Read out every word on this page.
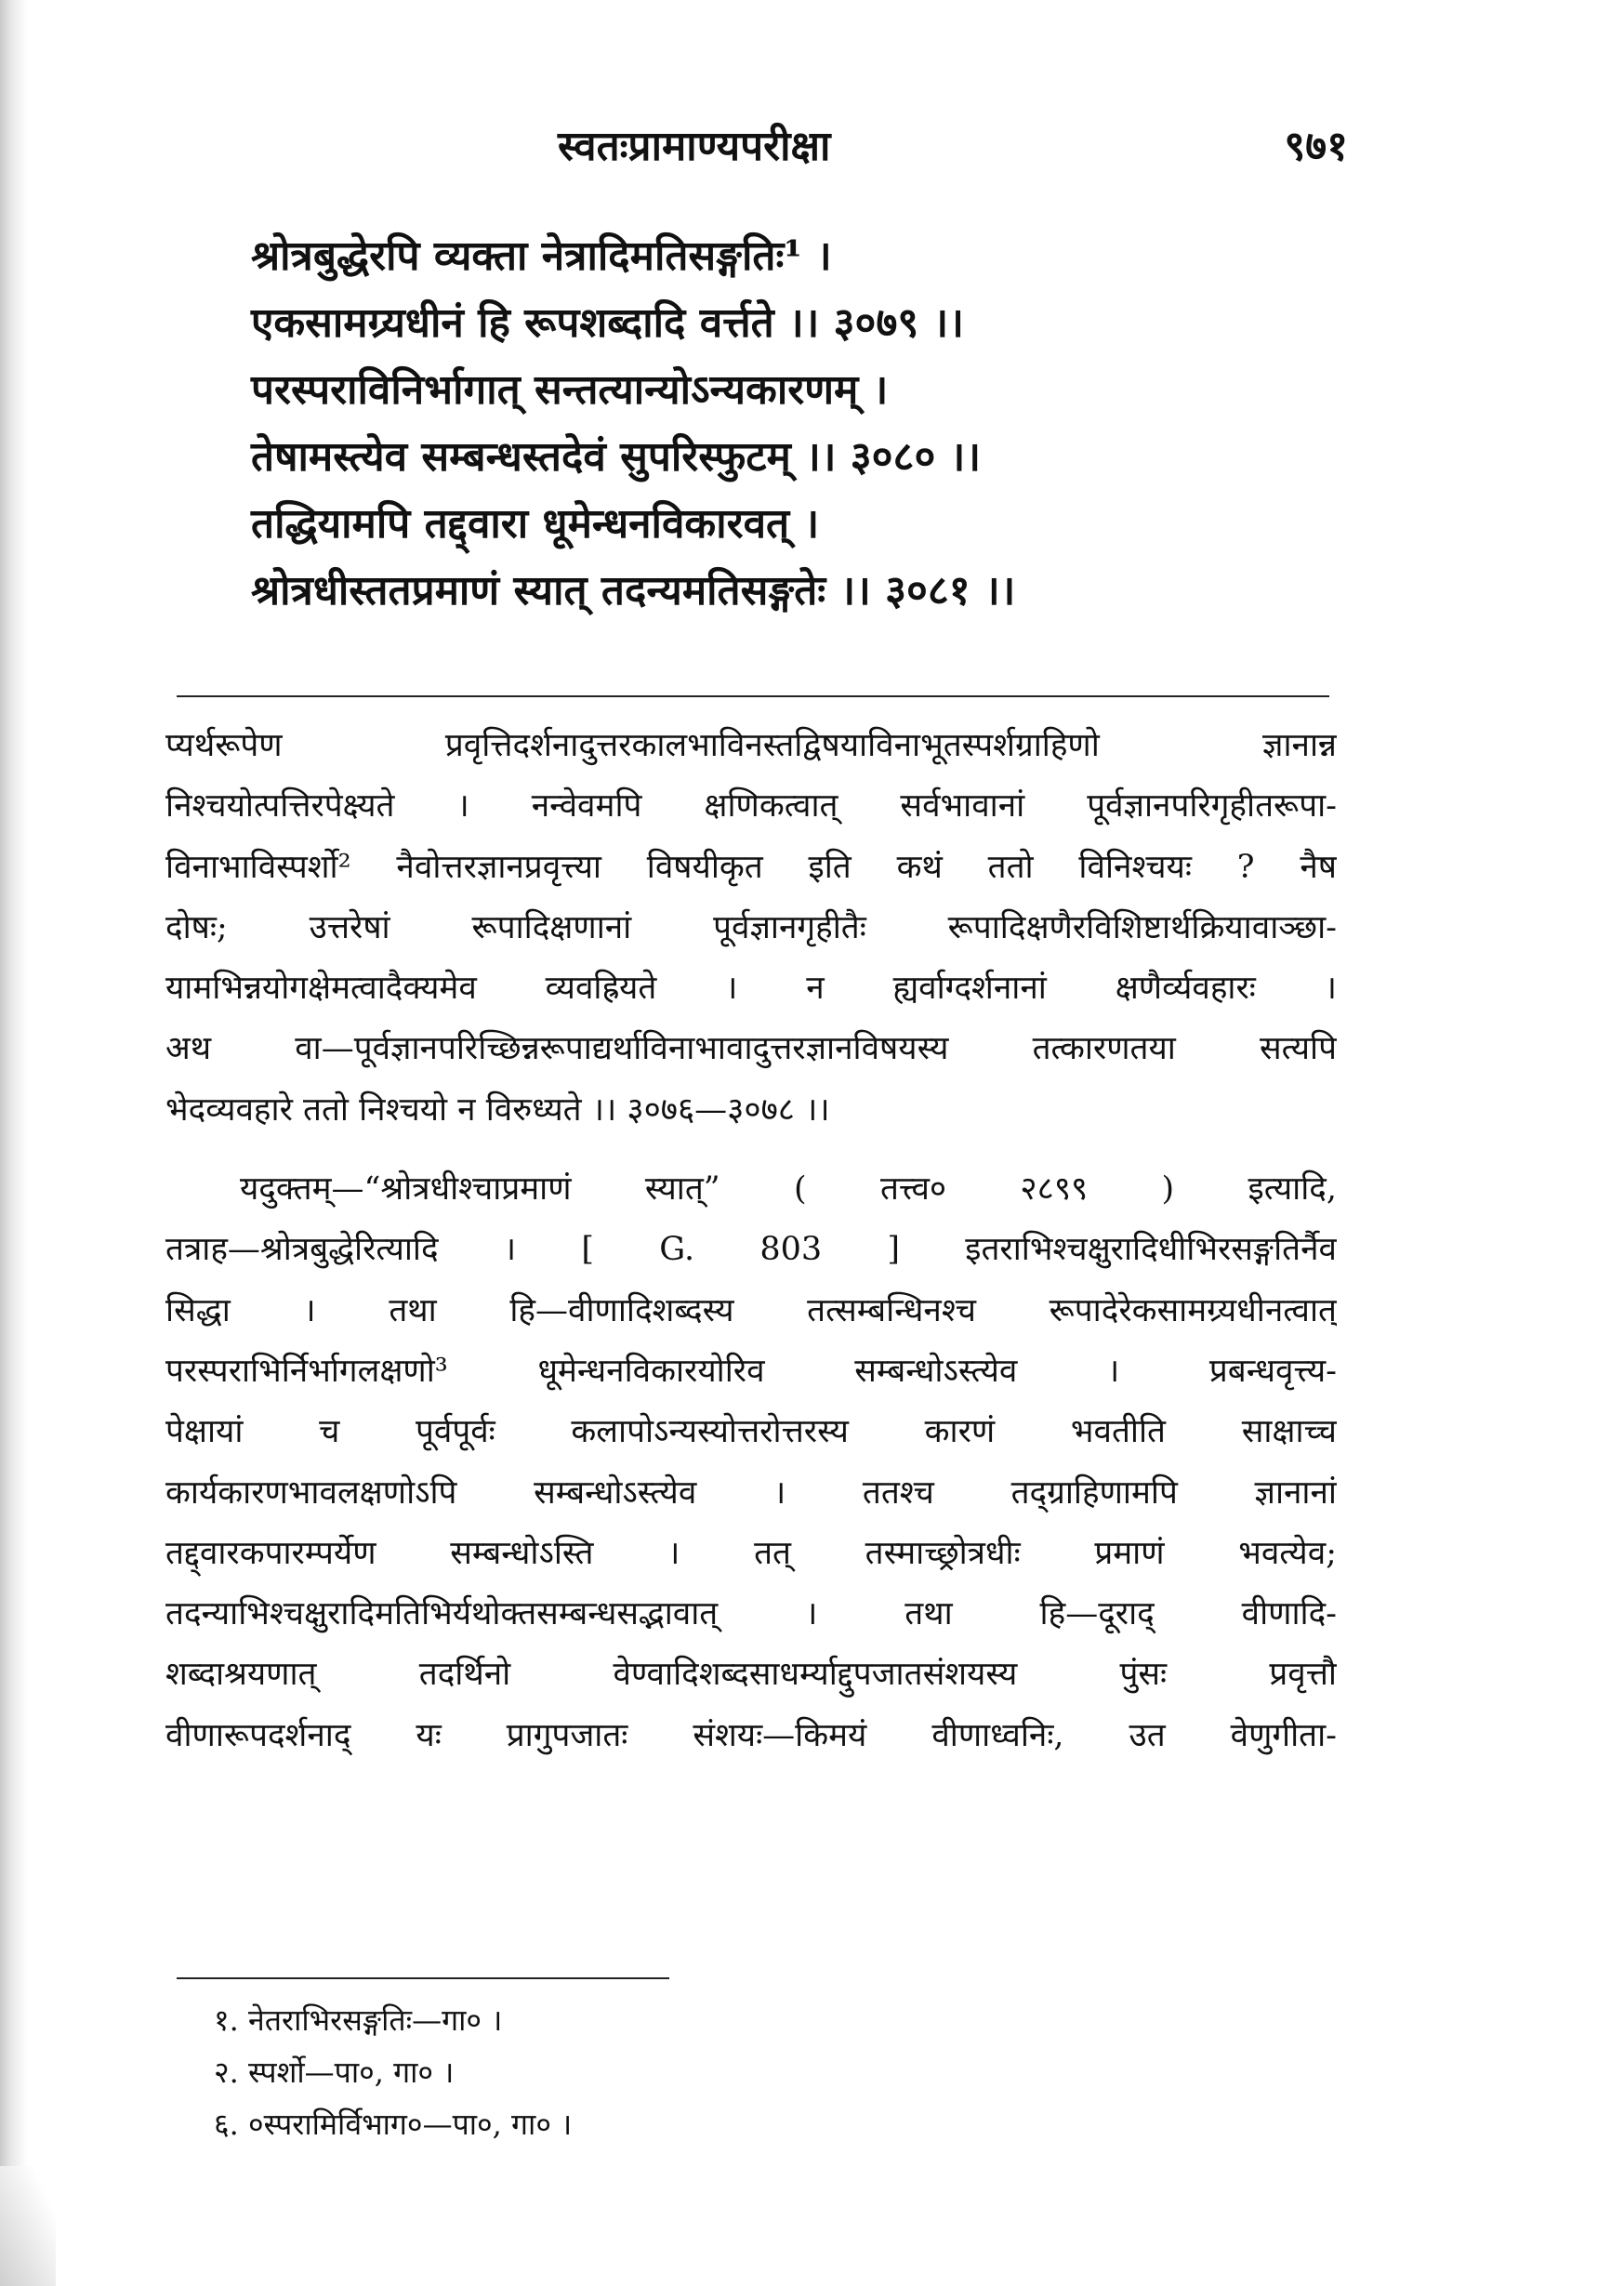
स्वतःप्रामाण्यपरीक्षा	९७१
श्रोत्रबुद्धेरपि व्यक्ता नेत्रादिमतिसङ्गतिः¹ ।
एकसामग्र्यधीनं हि रूपशब्दादि वर्त्तते ।। ३०७९ ।।
परस्पराविनिर्भागात् सन्तत्यान्योऽन्यकारणम् ।
तेषामस्त्येव सम्बन्धस्तदेवं सुपरिस्फुटम् ।। ३०८० ।।
तद्धियामपि तद्द्वारा धूमेन्धनविकारवत् ।
श्रोत्रधीस्ततप्रमाणं स्यात् तदन्यमतिसङ्गतेः ।। ३०८१ ।।

प्यर्थरूपेण प्रवृत्तिदर्शनादुत्तरकालभाविनस्तद्विषयाविनाभूतस्पर्शग्राहिणो ज्ञानान्न
निश्चयोत्पत्तिरपेक्ष्यते । नन्वेवमपि क्षणिकत्वात् सर्वभावानां पूर्वज्ञानपरिगृहीतरूपा-
विनाभाविस्पर्शो² नैवोत्तरज्ञानप्रवृत्त्या विषयीकृत इति कथं ततो विनिश्चयः ? नैष
दोषः; उत्तरेषां रूपादिक्षणानां पूर्वज्ञानगृहीतैः रूपादिक्षणैरविशिष्टार्थक्रियावाञ्छा-
यामभिन्नयोगक्षेमत्वादैक्यमेव व्यवह्रियते । न ह्यर्वाग्दर्शनानां क्षणैर्व्यवहारः ।
अथ वा—पूर्वज्ञानपरिच्छिन्नरूपाद्यर्थाविनाभावादुत्तरज्ञानविषयस्य तत्कारणतया सत्यपि
भेदव्यवहारे ततो निश्चयो न विरुध्यते ।। ३०७६—३०७८ ।।

यदुक्तम्—“श्रोत्रधीश्चाप्रमाणं स्यात्” ( तत्त्व० २८९९ ) इत्यादि,
तत्राह—श्रोत्रबुद्धेरित्यादि । [ G. 803 ] इतराभिश्चक्षुरादिधीभिरसङ्गतिर्नैव
सिद्धा । तथा हि—वीणादिशब्दस्य तत्सम्बन्धिनश्च रूपादेरेकसामग्र्यधीनत्वात्
परस्पराभिर्निर्भागलक्षणो³ धूमेन्धनविकारयोरिव सम्बन्धोऽस्त्येव । प्रबन्धवृत्त्य-
पेक्षायां च पूर्वपूर्वः कलापोऽन्यस्योत्तरोत्तरस्य कारणं भवतीति साक्षाच्च
कार्यकारणभावलक्षणोऽपि सम्बन्धोऽस्त्येव । ततश्च तद्ग्राहिणामपि ज्ञानानां
तद्द्वारकपारम्पर्येण सम्बन्धोऽस्ति । तत् तस्माच्छ्रोत्रधीः प्रमाणं भवत्येव;
तदन्याभिश्चक्षुरादिमतिभिर्यथोक्तसम्बन्धसद्भावात् । तथा हि—दूराद् वीणादि-
शब्दाश्रयणात् तदर्थिनो वेण्वादिशब्दसाधर्म्याद्दुपजातसंशयस्य पुंसः प्रवृत्तौ
वीणारूपदर्शनाद् यः प्रागुपजातः संशयः—किमयं वीणाध्वनिः, उत वेणुगीता-

१. नेतराभिरसङ्गतिः—गा० ।
२. स्पर्शो—पा०, गा० ।
६. ०स्परामिर्विभाग०—पा०, गा० ।
